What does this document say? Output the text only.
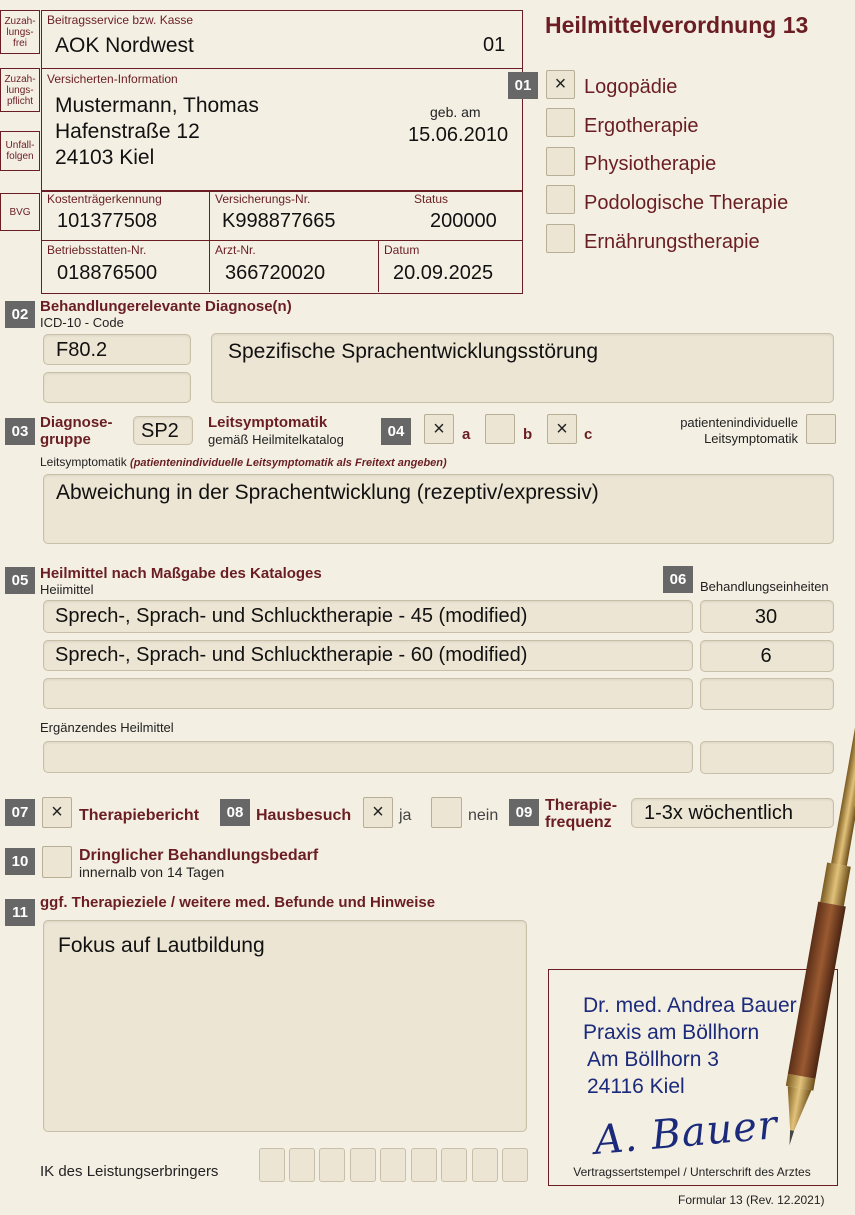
Heilmittelverordnung 13
Zuzah-
lungs-
frei
Zuzah-
lungs-
pflicht
Unfall-
folgen
BVG
Beitragsservice bzw. Kasse
AOK Nordwest	01
Versicherten-Information
Mustermann, Thomas
Hafenstraße 12
24103 Kiel
geb. am
15.06.2010
Kostenträgerkennung
101377508
Versicherungs-Nr.
K998877665
Status
200000
Betriebsstatten-Nr.
018876500
Arzt-Nr.
366720020
Datum
20.09.2025
01	× Logopädie
Ergotherapie
Physiotherapie
Podologische Therapie
Ernährungstherapie
02 Behandlungerelevante Diagnose(n)
ICD-10 - Code
F80.2	Spezifische Sprachentwicklungsstörung
03
Diagnose-
gruppe	SP2 Leitsymptomatik
gemäß Heilmitelkatalog	04	×	a	b	×	c
patientenindividuelle
Leitsymptomatik
Leitsymptomatik (patientenindividuelle Leitsymptomatik als Freitext angeben)
Abweichung in der Sprachentwicklung (rezeptiv/expressiv)
05 Heilmittel nach Maßgabe des Kataloges
Heiimittel
06	Behandlungseinheiten
Sprech-, Sprach- und Schlucktherapie - 45 (modified)	30
Sprech-, Sprach- und Schlucktherapie - 60 (modified)	6
Ergänzendes Heilmittel
07	×	Therapiebericht	08 Hausbesuch	× ja	nein	09 Therapie-
frequenz 1-3x wöchentlich
10	Dringlicher Behandlungsbedarf
innernalb von 14 Tagen
11
ggf. Therapieziele / weitere med. Befunde und Hinweise
Fokus auf Lautbildung
IK des Leistungserbringers
Dr. med. Andrea Bauer
Praxis am Böllhorn
Am Böllhorn 3
24116 Kiel
A. Bauer
Vertragssertstempel / Unterschrift des Arztes
Formular 13 (Rev. 12.2021)
